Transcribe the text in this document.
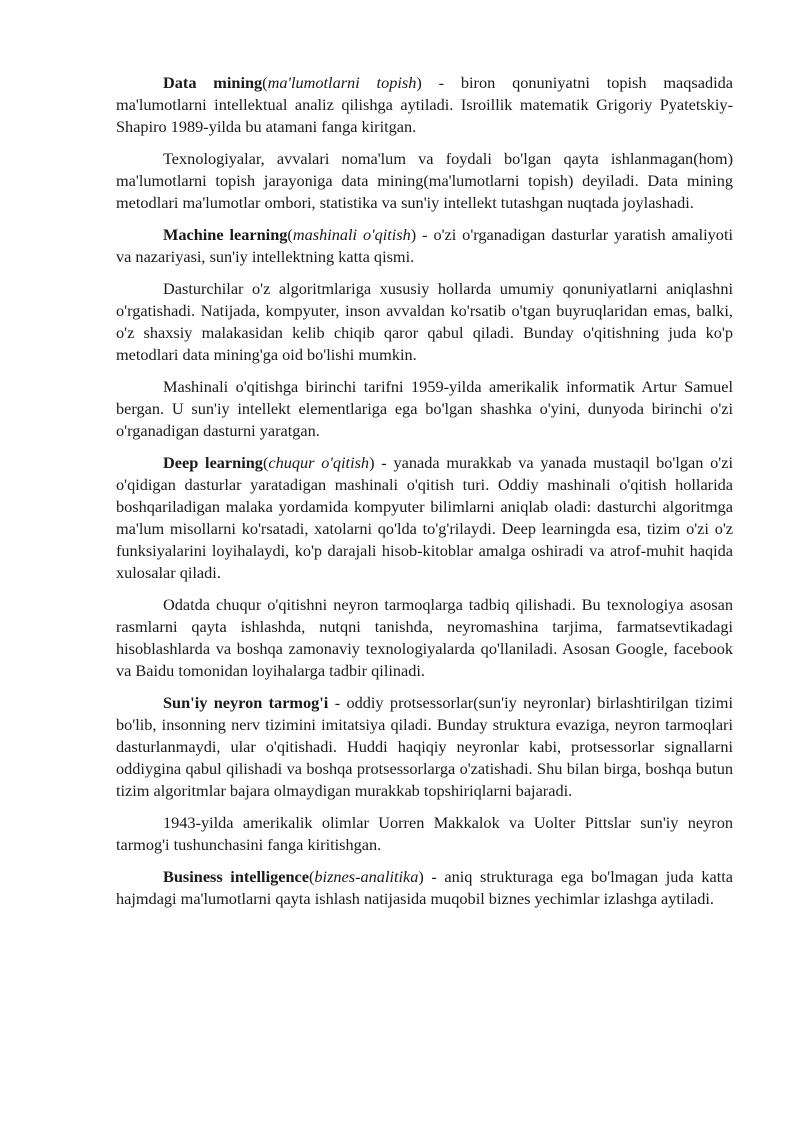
Data mining(ma'lumotlarni topish) - biron qonuniyatni topish maqsadida ma'lumotlarni intellektual analiz qilishga aytiladi. Isroillik matematik Grigoriy Pyatetskiy-Shapiro 1989-yilda bu atamani fanga kiritgan.

Texnologiyalar, avvalari noma'lum va foydali bo'lgan qayta ishlanmagan(hom) ma'lumotlarni topish jarayoniga data mining(ma'lumotlarni topish) deyiladi. Data mining metodlari ma'lumotlar ombori, statistika va sun'iy intellekt tutashgan nuqtada joylashadi.

Machine learning(mashinali o'qitish) - o'zi o'rganadigan dasturlar yaratish amaliyoti va nazariyasi, sun'iy intellektning katta qismi.

Dasturchilar o'z algoritmlariga xususiy hollarda umumiy qonuniyatlarni aniqlashni o'rgatishadi. Natijada, kompyuter, inson avvaldan ko'rsatib o'tgan buyruqlaridan emas, balki, o'z shaxsiy malakasidan kelib chiqib qaror qabul qiladi. Bunday o'qitishning juda ko'p metodlari data mining'ga oid bo'lishi mumkin.

Mashinali o'qitishga birinchi tarifni 1959-yilda amerikalik informatik Artur Samuel bergan. U sun'iy intellekt elementlariga ega bo'lgan shashka o'yini, dunyoda birinchi o'zi o'rganadigan dasturni yaratgan.

Deep learning(chuqur o'qitish) - yanada murakkab va yanada mustaqil bo'lgan o'zi o'qidigan dasturlar yaratadigan mashinali o'qitish turi. Oddiy mashinali o'qitish hollarida boshqariladigan malaka yordamida kompyuter bilimlarni aniqlab oladi: dasturchi algoritmga ma'lum misollarni ko'rsatadi, xatolarni qo'lda to'g'rilaydi. Deep learningda esa, tizim o'zi o'z funksiyalarini loyihalaydi, ko'p darajali hisob-kitoblar amalga oshiradi va atrof-muhit haqida xulosalar qiladi.

Odatda chuqur o'qitishni neyron tarmoqlarga tadbiq qilishadi. Bu texnologiya asosan rasmlarni qayta ishlashda, nutqni tanishda, neyromashina tarjima, farmatsevtikadagi hisoblashlarda va boshqa zamonaviy texnologiyalarda qo'llaniladi. Asosan Google, facebook va Baidu tomonidan loyihalarga tadbir qilinadi.

Sun'iy neyron tarmog'i - oddiy protsessorlar(sun'iy neyronlar) birlashtirilgan tizimi bo'lib, insonning nerv tizimini imitatsiya qiladi. Bunday struktura evaziga, neyron tarmoqlari dasturlanmaydi, ular o'qitishadi. Huddi haqiqiy neyronlar kabi, protsessorlar signallarni oddiygina qabul qilishadi va boshqa protsessorlarga o'zatishadi. Shu bilan birga, boshqa butun tizim algoritmlar bajara olmaydigan murakkab topshiriqlarni bajaradi.

1943-yilda amerikalik olimlar Uorren Makkalok va Uolter Pittslar sun'iy neyron tarmog'i tushunchasini fanga kiritishgan.

Business intelligence(biznes-analitika) - aniq strukturaga ega bo'lmagan juda katta hajmdagi ma'lumotlarni qayta ishlash natijasida muqobil biznes yechimlar izlashga aytiladi.
